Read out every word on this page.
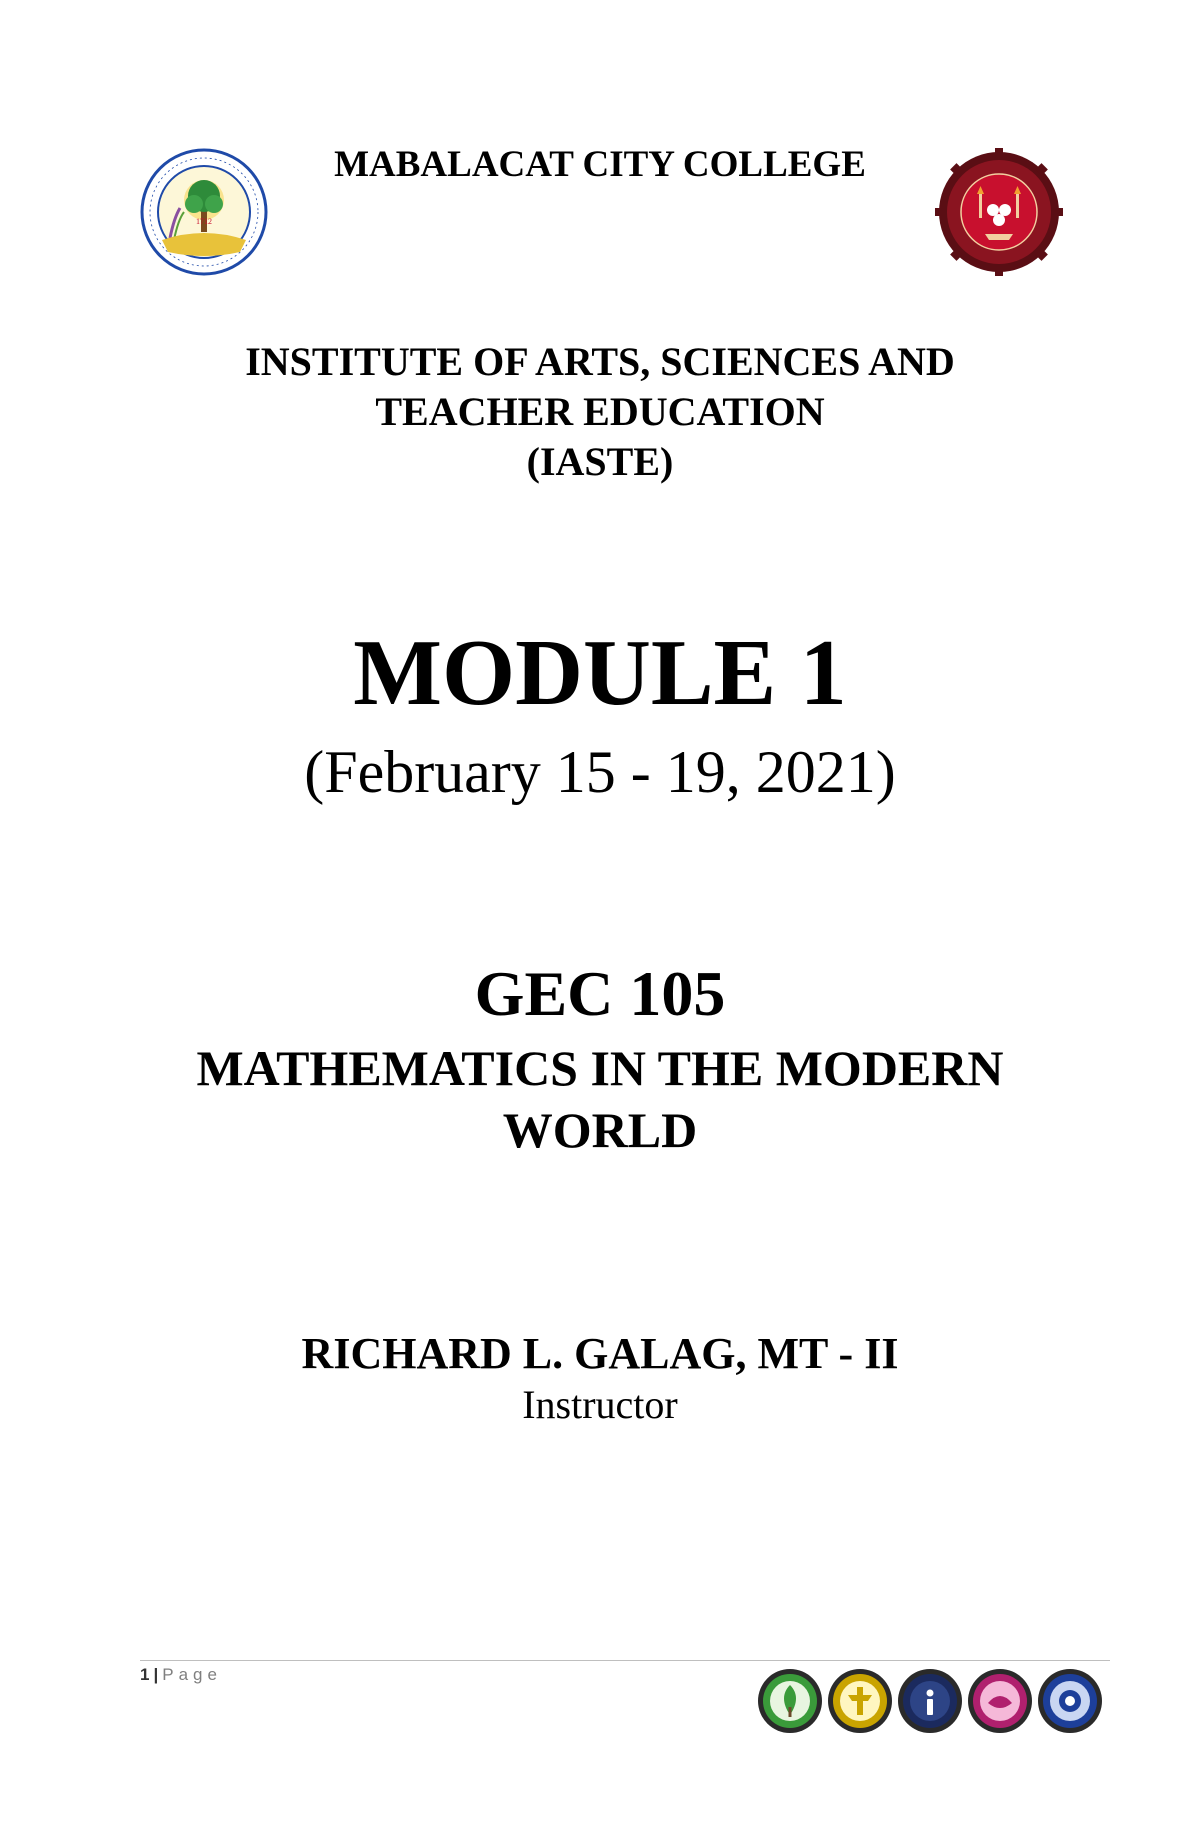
1712
MABALACAT CITY COLLEGE
INSTITUTE OF ARTS, SCIENCES AND
TEACHER EDUCATION
(IASTE)
MODULE 1
(February 15 - 19, 2021)
GEC 105
MATHEMATICS IN THE MODERN
WORLD
RICHARD L. GALAG, MT - II
Instructor
1 | Page
